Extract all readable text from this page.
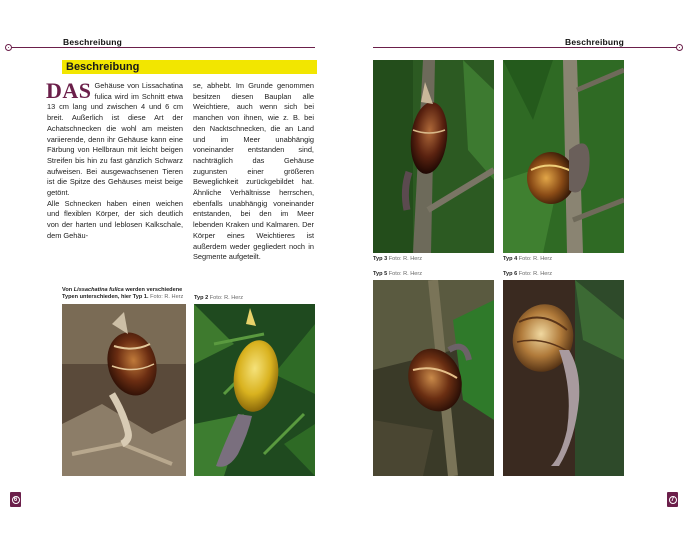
Beschreibung
Beschreibung

DAS Gehäuse von Lissachatina fulica wird im Schnitt etwa 13 cm lang und zwischen 4 und 6 cm breit. Außerlich ist diese Art der Achatschnecken die wohl am meisten variierende, denn ihr Gehäuse kann eine Färbung von Hellbraun mit leicht beigen Streifen bis hin zu fast gänzlich Schwarz aufweisen. Bei ausgewachsenen Tieren ist die Spitze des Gehäuses meist beige getönt.

Alle Schnecken haben einen weichen und flexiblen Körper, der sich deutlich von der harten und leblosen Kalkschale, dem Gehäu-

se, abhebt. Im Grunde genommen besitzen diesen Bauplan alle Weichtiere, auch wenn sich bei manchen von ihnen, wie z. B. bei den Nacktschnecken, die an Land und im Meer unabhängig voneinander entstanden sind, nachträglich das Gehäuse zugunsten einer größeren Beweglichkeit zurückgebildet hat. Ähnliche Verhältnisse herrschen, ebenfalls unabhängig voneinander entstanden, bei den im Meer lebenden Kraken und Kalmaren. Der Körper eines Weichtieres ist außerdem weder gegliedert noch in Segmente aufgeteilt.

Von Lissachatina fulica werden verschiedene Typen unterschieden, hier Typ 1. Foto: R. Herz	Typ 2 Foto: R. Herz
6
Beschreibung
Typ 3 Foto: R. Herz	Typ 4 Foto: R. Herz
Typ 5 Foto: R. Herz	Typ 6 Foto: R. Herz
7
